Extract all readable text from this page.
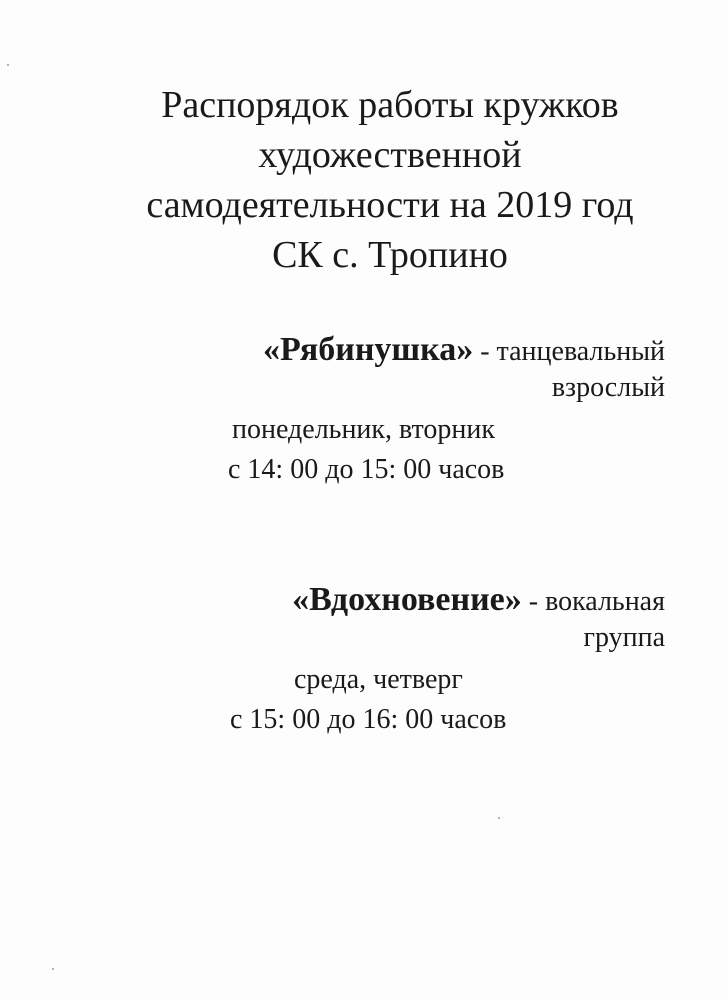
Распорядок работы кружков
художественной
самодеятельности на 2019 год
СК с. Тропино
«Рябинушка» - танцевальный
взрослый
понедельник, вторник
с 14: 00 до 15: 00 часов
«Вдохновение» - вокальная
группа
среда, четверг
с 15: 00 до 16: 00 часов
